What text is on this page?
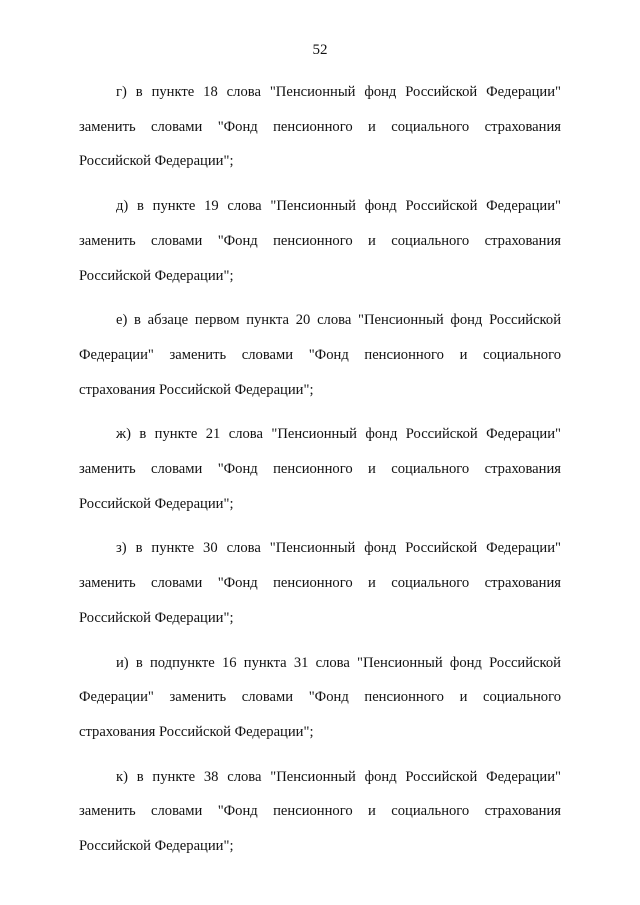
52

г) в пункте 18 слова "Пенсионный фонд Российской Федерации" заменить словами "Фонд пенсионного и социального страхования Российской Федерации";

д) в пункте 19 слова "Пенсионный фонд Российской Федерации" заменить словами "Фонд пенсионного и социального страхования Российской Федерации";

е) в абзаце первом пункта 20 слова "Пенсионный фонд Российской Федерации" заменить словами "Фонд пенсионного и социального страхования Российской Федерации";

ж) в пункте 21 слова "Пенсионный фонд Российской Федерации" заменить словами "Фонд пенсионного и социального страхования Российской Федерации";

з) в пункте 30 слова "Пенсионный фонд Российской Федерации" заменить словами "Фонд пенсионного и социального страхования Российской Федерации";

и) в подпункте 16 пункта 31 слова "Пенсионный фонд Российской Федерации" заменить словами "Фонд пенсионного и социального страхования Российской Федерации";

к) в пункте 38 слова "Пенсионный фонд Российской Федерации" заменить словами "Фонд пенсионного и социального страхования Российской Федерации";
